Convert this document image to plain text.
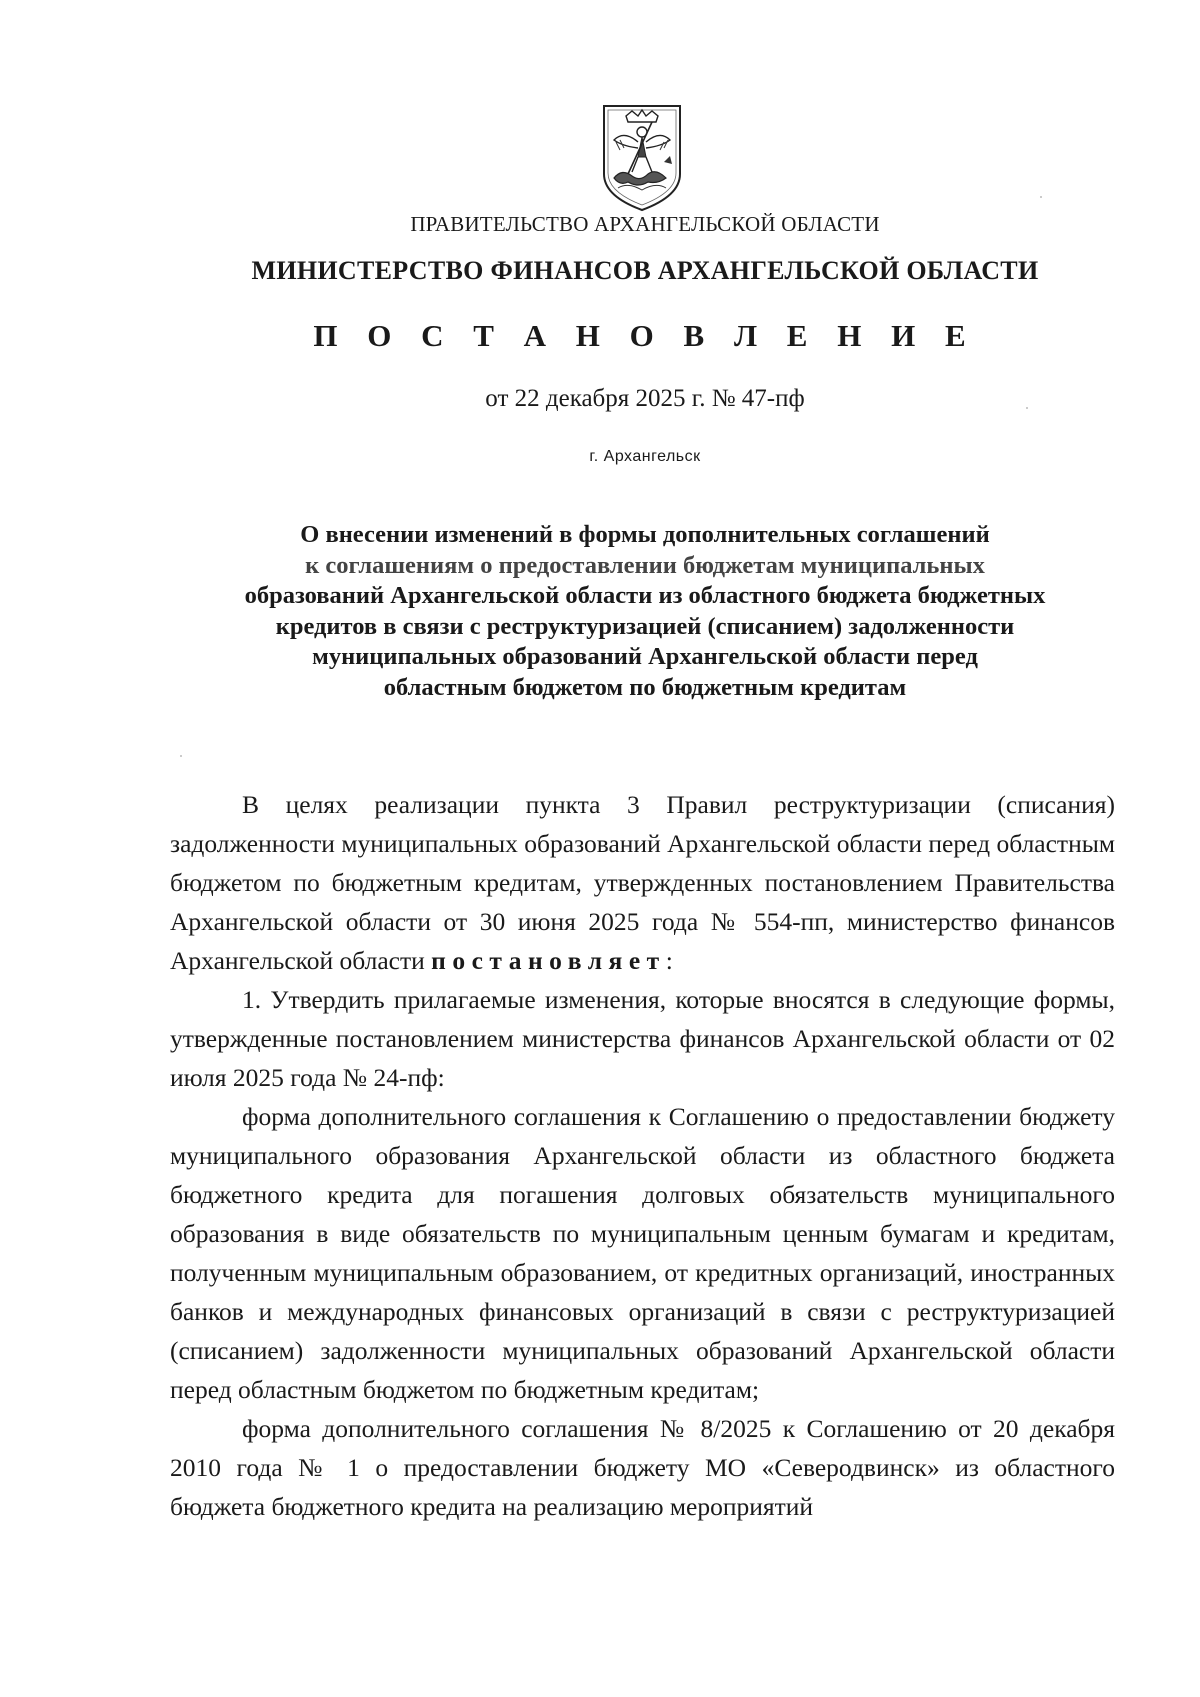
ПРАВИТЕЛЬСТВО АРХАНГЕЛЬСКОЙ ОБЛАСТИ
МИНИСТЕРСТВО ФИНАНСОВ АРХАНГЕЛЬСКОЙ ОБЛАСТИ
П О С Т А Н О В Л Е Н И Е
от 22 декабря 2025 г. № 47-пф
г. Архангельск
О внесении изменений в формы дополнительных соглашений
к соглашениям о предоставлении бюджетам муниципальных
образований Архангельской области из областного бюджета бюджетных
кредитов в связи с реструктуризацией (списанием) задолженности
муниципальных образований Архангельской области перед
областным бюджетом по бюджетным кредитам

В целях реализации пункта 3 Правил реструктуризации (списания) задолженности муниципальных образований Архангельской области перед областным бюджетом по бюджетным кредитам, утвержденных постановлением Правительства Архангельской области от 30 июня 2025 года № 554-пп, министерство финансов Архангельской области постановляет:

1. Утвердить прилагаемые изменения, которые вносятся в следующие формы, утвержденные постановлением министерства финансов Архангельской области от 02 июля 2025 года № 24-пф:

форма дополнительного соглашения к Соглашению о предоставлении бюджету муниципального образования Архангельской области из областного бюджета бюджетного кредита для погашения долговых обязательств муниципального образования в виде обязательств по муниципальным ценным бумагам и кредитам, полученным муниципальным образованием, от кредитных организаций, иностранных банков и международных финансовых организаций в связи с реструктуризацией (списанием) задолженности муниципальных образований Архангельской области перед областным бюджетом по бюджетным кредитам;

форма дополнительного соглашения № 8/2025 к Соглашению от 20 декабря 2010 года № 1 о предоставлении бюджету МО «Северодвинск» из областного бюджета бюджетного кредита на реализацию мероприятий
